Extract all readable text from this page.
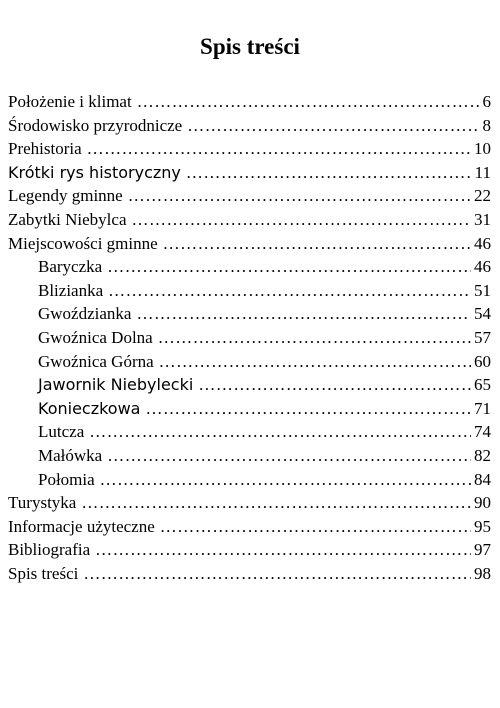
Spis treści
Położenie i klimat ……………………………………………………………………………………………………	6
Środowisko przyrodnicze ……………………………………………………………………………………………………	8
Prehistoria ……………………………………………………………………………………………………	10
Krótki rys historyczny ……………………………………………………………………………………………………	11
Legendy gminne ……………………………………………………………………………………………………	22
Zabytki Niebylca ……………………………………………………………………………………………………	31
Miejscowości gminne ……………………………………………………………………………………………………	46
Baryczka ……………………………………………………………………………………………………	46
Blizianka ……………………………………………………………………………………………………	51
Gwoździanka ……………………………………………………………………………………………………	54
Gwoźnica Dolna ……………………………………………………………………………………………………	57
Gwoźnica Górna ……………………………………………………………………………………………………	60
Jawornik Niebylecki ……………………………………………………………………………………………………	65
Konieczkowa ……………………………………………………………………………………………………	71
Lutcza ……………………………………………………………………………………………………	74
Małówka ……………………………………………………………………………………………………	82
Połomia ……………………………………………………………………………………………………	84
Turystyka ……………………………………………………………………………………………………	90
Informacje użyteczne ……………………………………………………………………………………………………	95
Bibliografia ……………………………………………………………………………………………………	97
Spis treści ……………………………………………………………………………………………………	98
